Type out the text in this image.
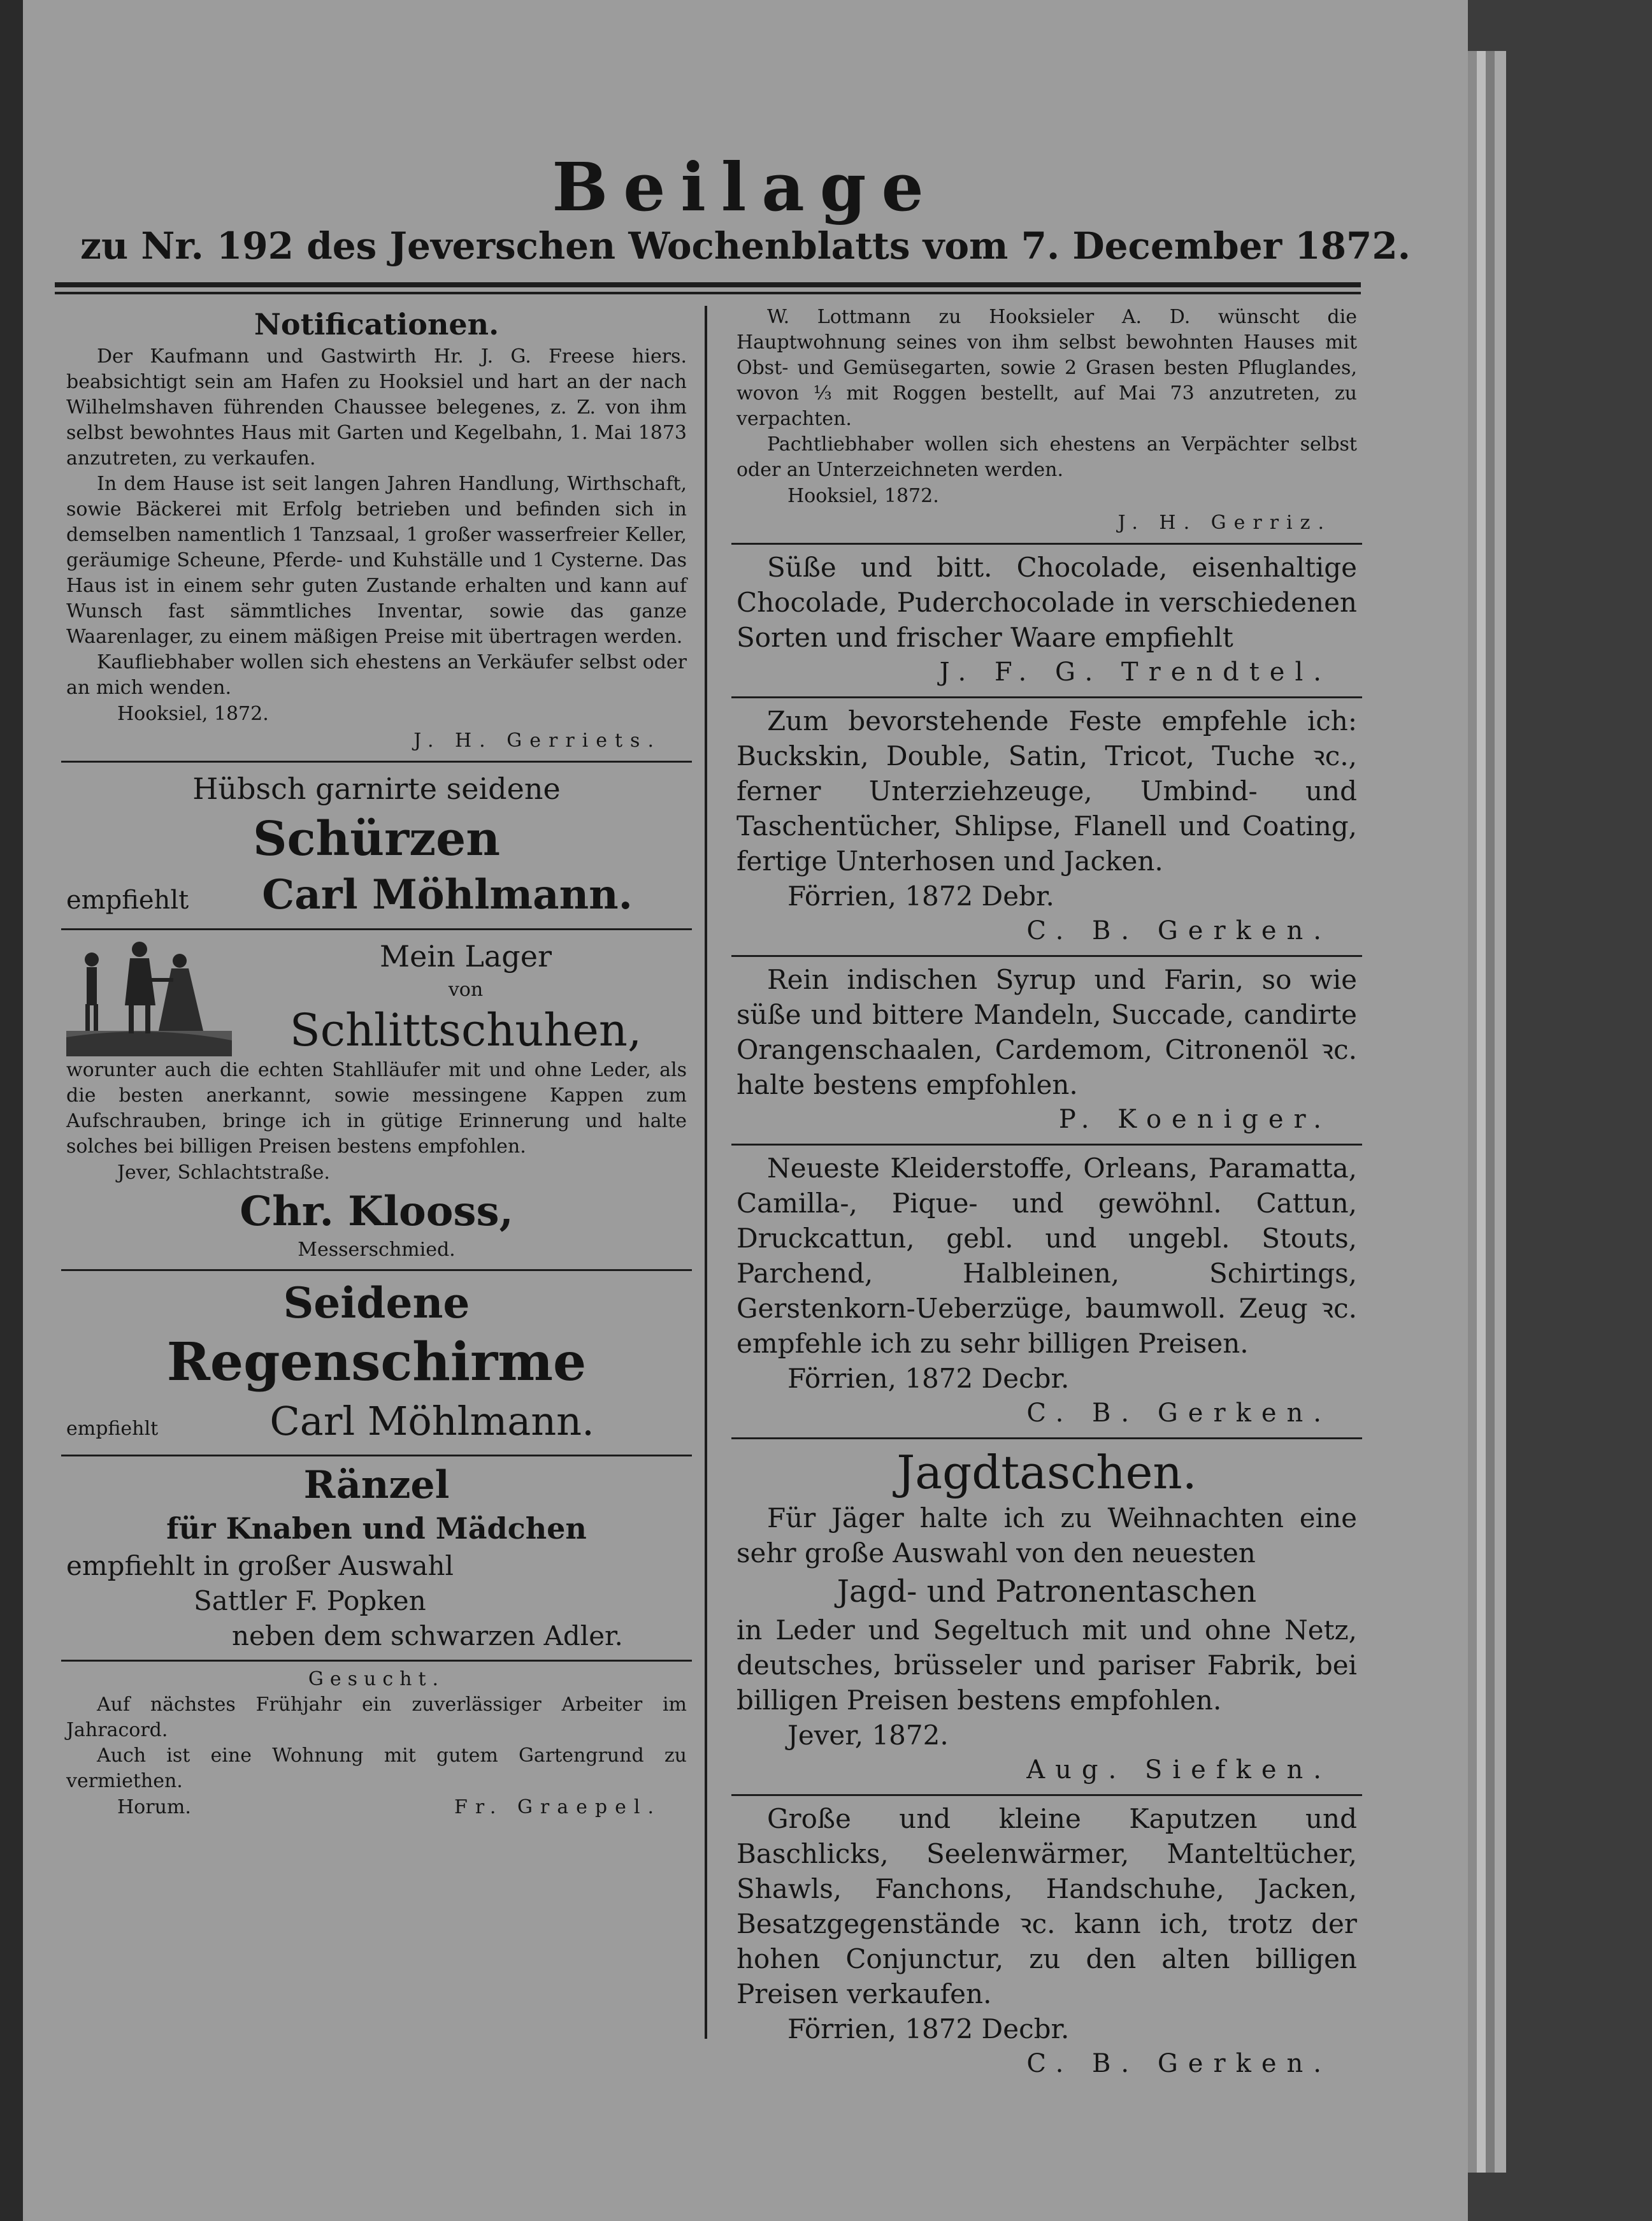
Beilage
zu Nr. 192 des Jeverschen Wochenblatts vom 7. December 1872.

Notificationen.

Der Kaufmann und Gastwirth Hr. J. G. Freese hiers. beabsichtigt sein am Hafen zu Hooksiel und hart an der nach Wilhelmshaven führenden Chaussee belegenes, z. Z. von ihm selbst bewohntes Haus mit Garten und Kegelbahn, 1. Mai 1873 anzutreten, zu verkaufen.

In dem Hause ist seit langen Jahren Handlung, Wirthschaft, sowie Bäckerei mit Erfolg betrieben und befinden sich in demselben namentlich 1 Tanzsaal, 1 großer wasserfreier Keller, geräumige Scheune, Pferde- und Kuhställe und 1 Cysterne. Das Haus ist in einem sehr guten Zustande erhalten und kann auf Wunsch fast sämmtliches Inventar, sowie das ganze Waarenlager, zu einem mäßigen Preise mit übertragen werden.

Kaufliebhaber wollen sich ehestens an Verkäufer selbst oder an mich wenden.

Hooksiel, 1872.

J. H. Gerriets.

Hübsch garnirte seidene

Schürzen

empfiehlt	Carl Möhlmann.

Mein Lager

von

Schlittschuhen,

worunter auch die echten Stahlläufer mit und ohne Leder, als die besten anerkannt, sowie messingene Kappen zum Aufschrauben, bringe ich in gütige Erinnerung und halte solches bei billigen Preisen bestens empfohlen.

Jever, Schlachtstraße.

Chr. Klooss,

Messerschmied.

Seidene

Regenschirme

empfiehlt	Carl Möhlmann.

Ränzel

für Knaben und Mädchen

empfiehlt in großer Auswahl

Sattler F. Popken

neben dem schwarzen Adler.

Gesucht.

Auf nächstes Frühjahr ein zuverlässiger Arbeiter im Jahracord.

Auch ist eine Wohnung mit gutem Gartengrund zu vermiethen.

Horum.	Fr. Graepel.

W. Lottmann zu Hooksieler A. D. wünscht die Hauptwohnung seines von ihm selbst bewohnten Hauses mit Obst- und Gemüsegarten, sowie 2 Grasen besten Pfluglandes, wovon ⅓ mit Roggen bestellt, auf Mai 73 anzutreten, zu verpachten.

Pachtliebhaber wollen sich ehestens an Verpächter selbst oder an Unterzeichneten werden.

Hooksiel, 1872.

J. H. Gerriz.

Süße und bitt. Chocolade, eisenhaltige Chocolade, Puderchocolade in verschiedenen Sorten und frischer Waare empfiehlt

J. F. G. Trendtel.

Zum bevorstehende Feste empfehle ich: Buckskin, Double, Satin, Tricot, Tuche ꝛc., ferner Unterziehzeuge, Umbind- und Taschentücher, Shlipse, Flanell und Coating, fertige Unterhosen und Jacken.

Förrien, 1872 Debr.

C. B. Gerken.

Rein indischen Syrup und Farin, so wie süße und bittere Mandeln, Succade, candirte Orangenschaalen, Cardemom, Citronenöl ꝛc. halte bestens empfohlen.

P. Koeniger.

Neueste Kleiderstoffe, Orleans, Paramatta, Camilla-, Pique- und gewöhnl. Cattun, Druckcattun, gebl. und ungebl. Stouts, Parchend, Halbleinen, Schirtings, Gerstenkorn-Ueberzüge, baumwoll. Zeug ꝛc. empfehle ich zu sehr billigen Preisen.

Förrien, 1872 Decbr.

C. B. Gerken.

Jagdtaschen.

Für Jäger halte ich zu Weihnachten eine sehr große Auswahl von den neuesten

Jagd- und Patronentaschen

in Leder und Segeltuch mit und ohne Netz, deutsches, brüsseler und pariser Fabrik, bei billigen Preisen bestens empfohlen.

Jever, 1872.

Aug. Siefken.

Große und kleine Kaputzen und Baschlicks, Seelenwärmer, Manteltücher, Shawls, Fanchons, Handschuhe, Jacken, Besatzgegenstände ꝛc. kann ich, trotz der hohen Conjunctur, zu den alten billigen Preisen verkaufen.

Förrien, 1872 Decbr.

C. B. Gerken.
